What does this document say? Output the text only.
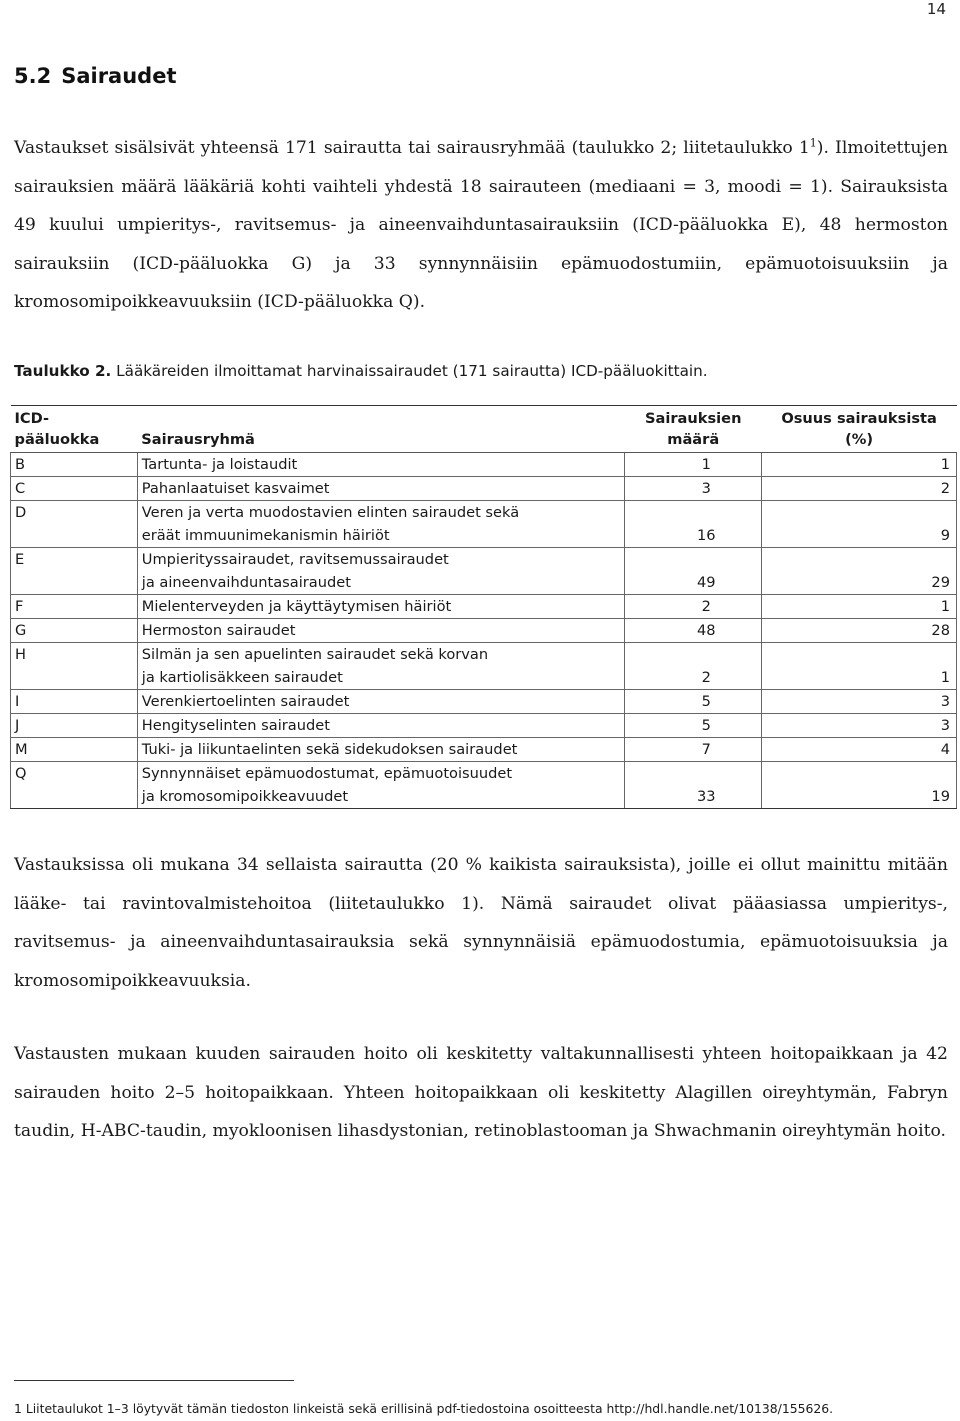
14
5.2 Sairaudet

Vastaukset sisälsivät yhteensä 171 sairautta tai sairausryhmää (taulukko 2; liitetaulukko 1$^1$). Ilmoitettujen sairauksien määrä lääkäriä kohti vaihteli yhdestä 18 sairauteen (mediaani = 3, moodi = 1). Sairauksista 49 kuului umpieritys-, ravitsemus- ja aineenvaihduntasairauksiin (ICD-pääluokka E), 48 hermoston sairauksiin (ICD-pääluokka G) ja 33 synnynnäisiin epämuodostumiin, epämuotoisuuksiin ja kromosomipoikkeavuuksiin (ICD-pääluokka Q).

Taulukko 2. Lääkäreiden ilmoittamat harvinaissairaudet (171 sairautta) ICD-pääluokittain.

ICD-pääluokka	Sairausryhmä	Sairauksien määrä	Osuus sairauksista (%)
B	Tartunta- ja loistaudit	1	1
C	Pahanlaatuiset kasvaimet	3	2
D	Veren ja verta muodostavien elinten sairaudet sekä
eräät immuunimekanismin häiriöt	16	9
E	Umpierityssairaudet, ravitsemussairaudet
ja aineenvaihduntasairaudet	49	29
F	Mielenterveyden ja käyttäytymisen häiriöt	2	1
G	Hermoston sairaudet	48	28
H	Silmän ja sen apuelinten sairaudet sekä korvan
ja kartiolisäkkeen sairaudet	2	1
I	Verenkiertoelinten sairaudet	5	3
J	Hengityselinten sairaudet	5	3
M	Tuki- ja liikuntaelinten sekä sidekudoksen sairaudet	7	4
Q	Synnynnäiset epämuodostumat, epämuotoisuudet
ja kromosomipoikkeavuudet	33	19

Vastauksissa oli mukana 34 sellaista sairautta (20 % kaikista sairauksista), joille ei ollut mainittu mitään lääke- tai ravintovalmistehoitoa (liitetaulukko 1). Nämä sairaudet olivat pääasiassa umpieritys-, ravitsemus- ja aineenvaihduntasairauksia sekä synnynnäisiä epämuodostumia, epämuotoisuuksia ja kromosomipoikkeavuuksia.

Vastausten mukaan kuuden sairauden hoito oli keskitetty valtakunnallisesti yhteen hoitopaikkaan ja 42 sairauden hoito 2–5 hoitopaikkaan. Yhteen hoitopaikkaan oli keskitetty Alagillen oireyhtymän, Fabryn taudin, H-ABC-taudin, myokloonisen lihasdystonian, retinoblastooman ja Shwachmanin oireyhtymän hoito.

1 Liitetaulukot 1–3 löytyvät tämän tiedoston linkeistä sekä erillisinä pdf-tiedostoina osoitteesta http://hdl.handle.net/10138/155626.
